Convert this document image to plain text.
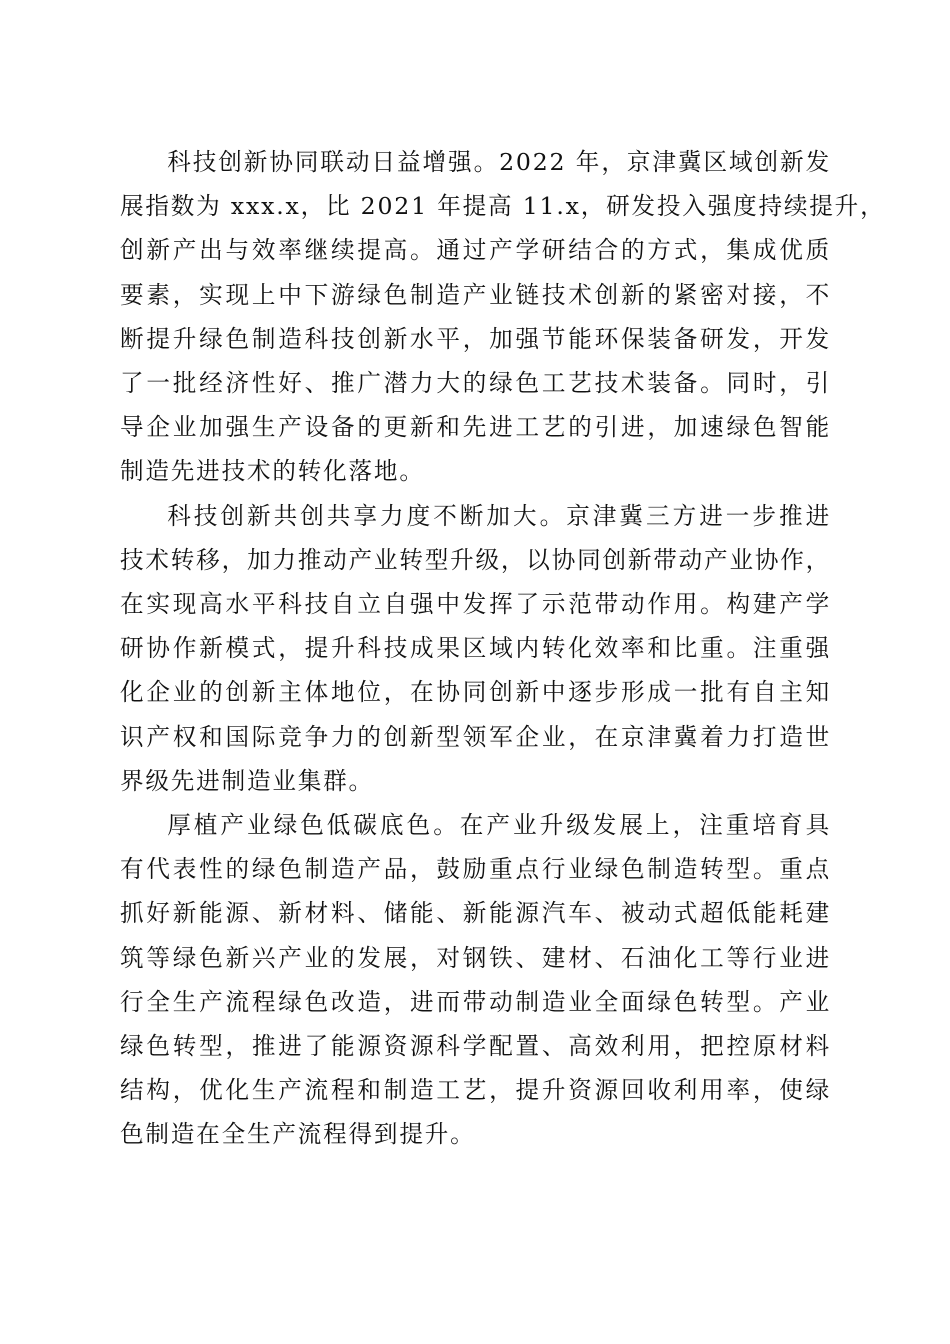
科技创新协同联动日益增强。2022 年，京津冀区域创新发
展指数为 xxx.x，比 2021 年提高 11.x，研发投入强度持续提升，
创新产出与效率继续提高。通过产学研结合的方式，集成优质
要素，实现上中下游绿色制造产业链技术创新的紧密对接，不
断提升绿色制造科技创新水平，加强节能环保装备研发，开发
了一批经济性好、推广潜力大的绿色工艺技术装备。同时，引
导企业加强生产设备的更新和先进工艺的引进，加速绿色智能
制造先进技术的转化落地。
科技创新共创共享力度不断加大。京津冀三方进一步推进
技术转移，加力推动产业转型升级，以协同创新带动产业协作，
在实现高水平科技自立自强中发挥了示范带动作用。构建产学
研协作新模式，提升科技成果区域内转化效率和比重。注重强
化企业的创新主体地位，在协同创新中逐步形成一批有自主知
识产权和国际竞争力的创新型领军企业，在京津冀着力打造世
界级先进制造业集群。
厚植产业绿色低碳底色。在产业升级发展上，注重培育具
有代表性的绿色制造产品，鼓励重点行业绿色制造转型。重点
抓好新能源、新材料、储能、新能源汽车、被动式超低能耗建
筑等绿色新兴产业的发展，对钢铁、建材、石油化工等行业进
行全生产流程绿色改造，进而带动制造业全面绿色转型。产业
绿色转型，推进了能源资源科学配置、高效利用，把控原材料
结构，优化生产流程和制造工艺，提升资源回收利用率，使绿
色制造在全生产流程得到提升。
